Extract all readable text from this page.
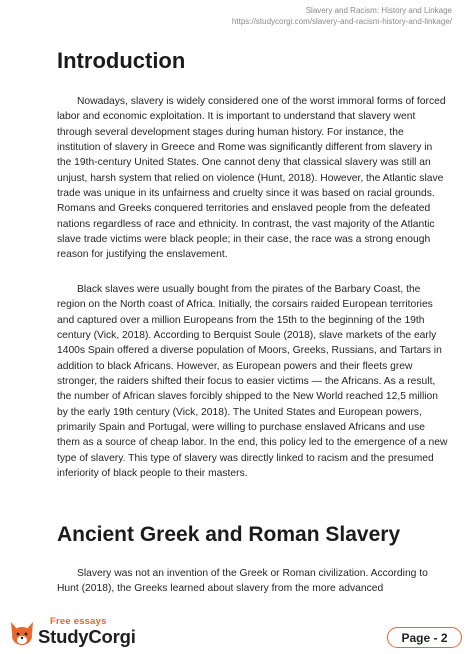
Slavery and Racism: History and Linkage
https://studycorgi.com/slavery-and-racism-history-and-linkage/
Introduction

Nowadays, slavery is widely considered one of the worst immoral forms of forced labor and economic exploitation. It is important to understand that slavery went through several development stages during human history. For instance, the institution of slavery in Greece and Rome was significantly different from slavery in the 19th-century United States. One cannot deny that classical slavery was still an unjust, harsh system that relied on violence (Hunt, 2018). However, the Atlantic slave trade was unique in its unfairness and cruelty since it was based on racial grounds. Romans and Greeks conquered territories and enslaved people from the defeated nations regardless of race and ethnicity. In contrast, the vast majority of the Atlantic slave trade victims were black people; in their case, the race was a strong enough reason for justifying the enslavement.

Black slaves were usually bought from the pirates of the Barbary Coast, the region on the North coast of Africa. Initially, the corsairs raided European territories and captured over a million Europeans from the 15th to the beginning of the 19th century (Vick, 2018). According to Berquist Soule (2018), slave markets of the early 1400s Spain offered a diverse population of Moors, Greeks, Russians, and Tartars in addition to black Africans. However, as European powers and their fleets grew stronger, the raiders shifted their focus to easier victims — the Africans. As a result, the number of African slaves forcibly shipped to the New World reached 12,5 million by the early 19th century (Vick, 2018). The United States and European powers, primarily Spain and Portugal, were willing to purchase enslaved Africans and use them as a source of cheap labor. In the end, this policy led to the emergence of a new type of slavery. This type of slavery was directly linked to racism and the presumed inferiority of black people to their masters.

Ancient Greek and Roman Slavery

Slavery was not an invention of the Greek or Roman civilization. According to Hunt (2018), the Greeks learned about slavery from the more advanced

Free essays
StudyCorgi	Page - 2
